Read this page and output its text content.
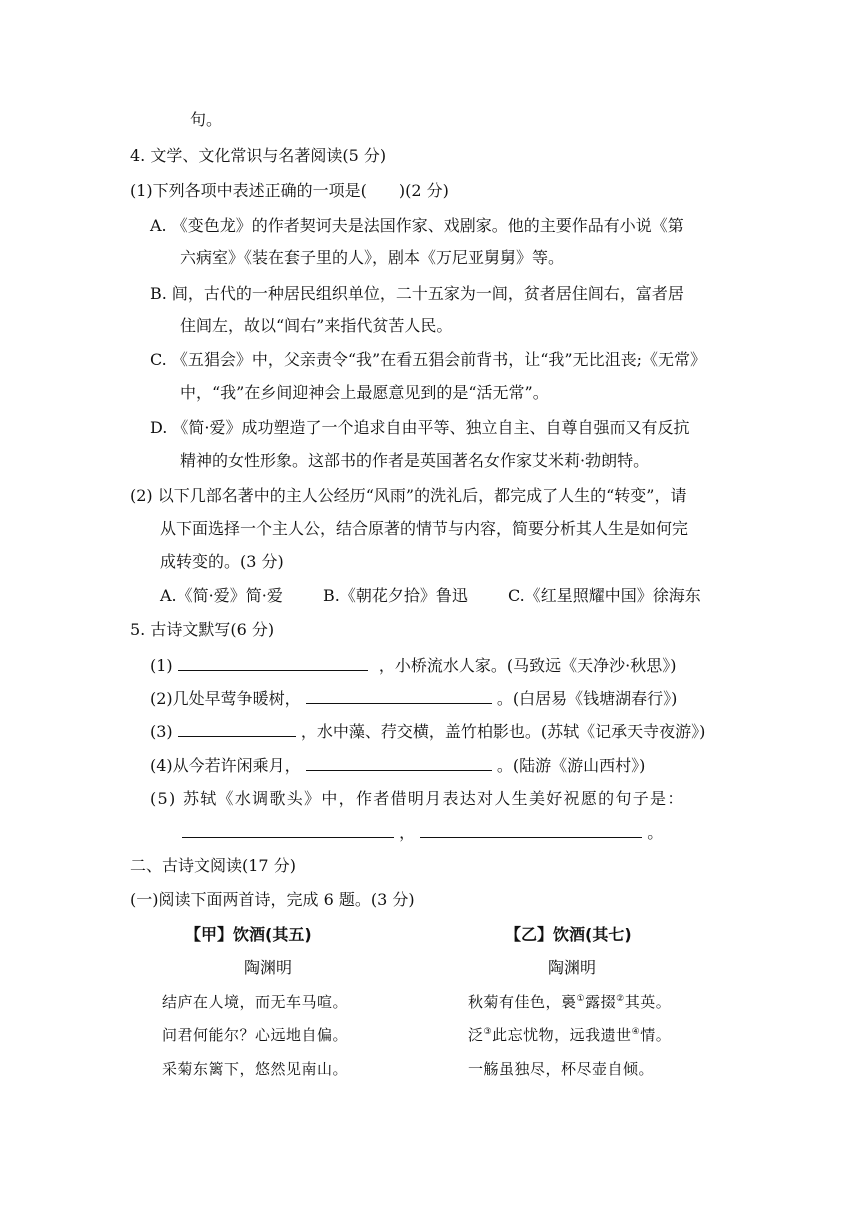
句。
4. 文学、文化常识与名著阅读(5 分)
(1)下列各项中表述正确的一项是(　　)(2 分)
A. 《变色龙》的作者契诃夫是法国作家、戏剧家。他的主要作品有小说《第
六病室》《装在套子里的人》，剧本《万尼亚舅舅》等。
B. 闾，古代的一种居民组织单位，二十五家为一闾，贫者居住闾右，富者居
住闾左，故以“闾右”来指代贫苦人民。
C. 《五猖会》中，父亲责令“我”在看五猖会前背书，让“我”无比沮丧;《无常》
中，“我”在乡间迎神会上最愿意见到的是“活无常”。
D. 《简·爱》成功塑造了一个追求自由平等、独立自主、自尊自强而又有反抗
精神的女性形象。这部书的作者是英国著名女作家艾米莉·勃朗特。
(2) 以下几部名著中的主人公经历“风雨”的洗礼后，都完成了人生的“转变”，请
从下面选择一个主人公，结合原著的情节与内容，简要分析其人生是如何完
成转变的。(3 分)
A.《简·爱》简·爱	B.《朝花夕拾》鲁迅	C.《红星照耀中国》徐海东
5. 古诗文默写(6 分)
(1)	，小桥流水人家。(马致远《天净沙·秋思》)
(2)几处早莺争暖树，	。(白居易《钱塘湖春行》)
(3)	，水中藻、荇交横，盖竹柏影也。(苏轼《记承天寺夜游》)
(4)从今若许闲乘月，	。(陆游《游山西村》)
(5) 苏轼《水调歌头》中，作者借明月表达对人生美好祝愿的句子是：
，	。
二、古诗文阅读(17 分)
(一)阅读下面两首诗，完成 6 题。(3 分)
【甲】饮酒(其五)
陶渊明
结庐在人境，而无车马喧。
问君何能尔？心远地自偏。
采菊东篱下，悠然见南山。
【乙】饮酒(其七)
陶渊明
秋菊有佳色，裛①露掇②其英。
泛③此忘忧物，远我遗世④情。
一觞虽独尽，杯尽壶自倾。
